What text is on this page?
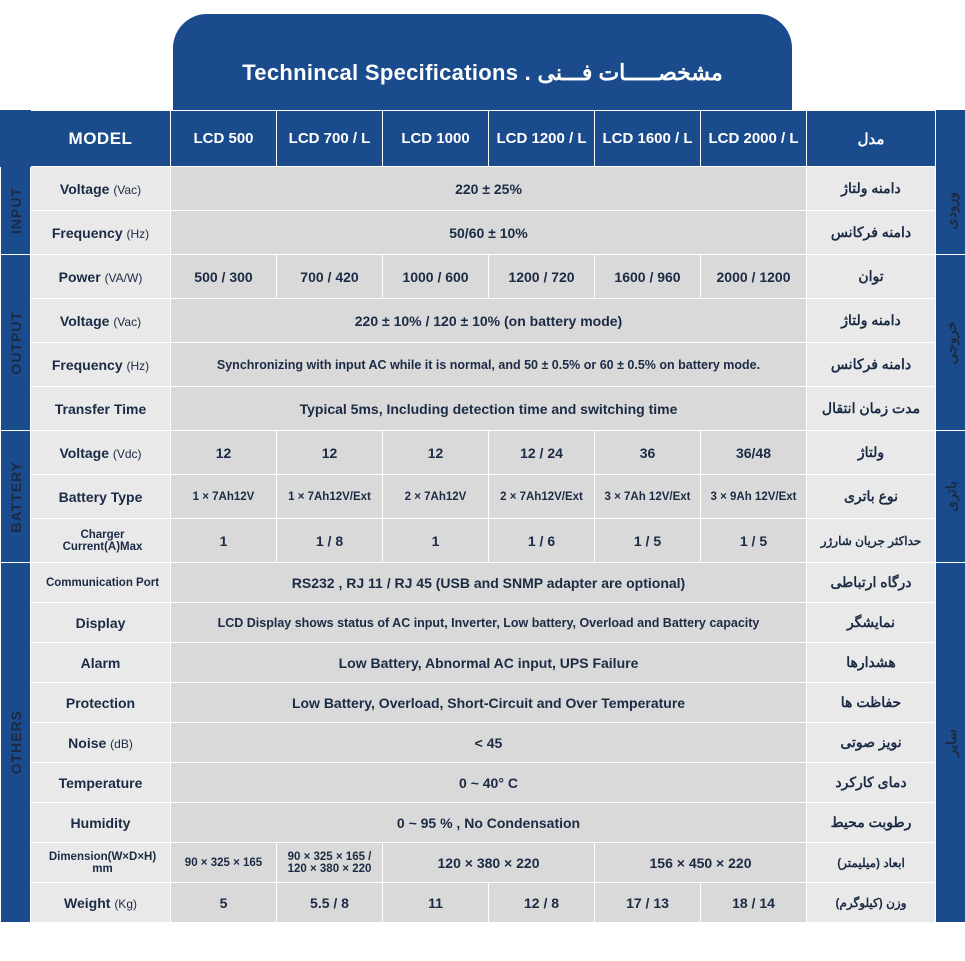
Technincal Specifications . مشخصـــــات فـــنی
	MODEL	LCD 500	LCD 700 / L	LCD 1000	LCD 1200 / L	LCD 1600 / L	LCD 2000 / L	مدل	

INPUT	Voltage (Vac)	220 ± 25%						دامنه ولتاژ	ورودی

	Frequency (Hz)	50/60 ± 10%						دامنه فرکانس	

OUTPUT	Power (VA/W)	500 / 300	700 / 420	1000 / 600	1200 / 720	1600 / 960	2000 / 1200	توان	خروجی

	Voltage (Vac)	220 ± 10% / 120 ± 10% (on battery mode)						دامنه ولتاژ	
	Frequency (Hz)	Synchronizing with input AC while it is normal, and 50 ± 0.5% or 60 ± 0.5% on battery mode.						دامنه فرکانس	
	Transfer Time	Typical 5ms, Including detection time and switching time						مدت زمان انتقال	

BATTERY	Voltage (Vdc)	12	12	12	12 / 24	36	36/48	ولتاژ	باتری

	Battery Type	1 × 7Ah12V	1 × 7Ah12V/Ext	2 × 7Ah12V	2 × 7Ah12V/Ext	3 × 7Ah 12V/Ext	3 × 9Ah 12V/Ext	نوع باتری	
	Charger Current(A)Max	1	1 / 8	1	1 / 6	1 / 5	1 / 5	حداکثر جریان شارژر	

OTHERS	Communication Port	RS232 , RJ 11 / RJ 45 (USB and SNMP adapter are optional)						درگاه ارتباطی	سایر

	Display	LCD Display shows status of AC input, Inverter, Low battery, Overload and Battery capacity						نمایشگر	
	Alarm	Low Battery, Abnormal AC input, UPS Failure						هشدارها	
	Protection	Low Battery, Overload, Short-Circuit and Over Temperature						حفاظت ها	
	Noise (dB)	< 45						نویز صوتی	
	Temperature	0 ~ 40° C						دمای کارکرد	
	Humidity	0 ~ 95 % , No Condensation						رطوبت محیط	
	Dimension(W×D×H) mm	90 × 325 × 165	90 × 325 × 165 / 120 × 380 × 220	120 × 380 × 220		156 × 450 × 220		ابعاد (میلیمتر)	
	Weight (Kg)	5	5.5 / 8	11	12 / 8	17 / 13	18 / 14	وزن (کیلوگرم)	
